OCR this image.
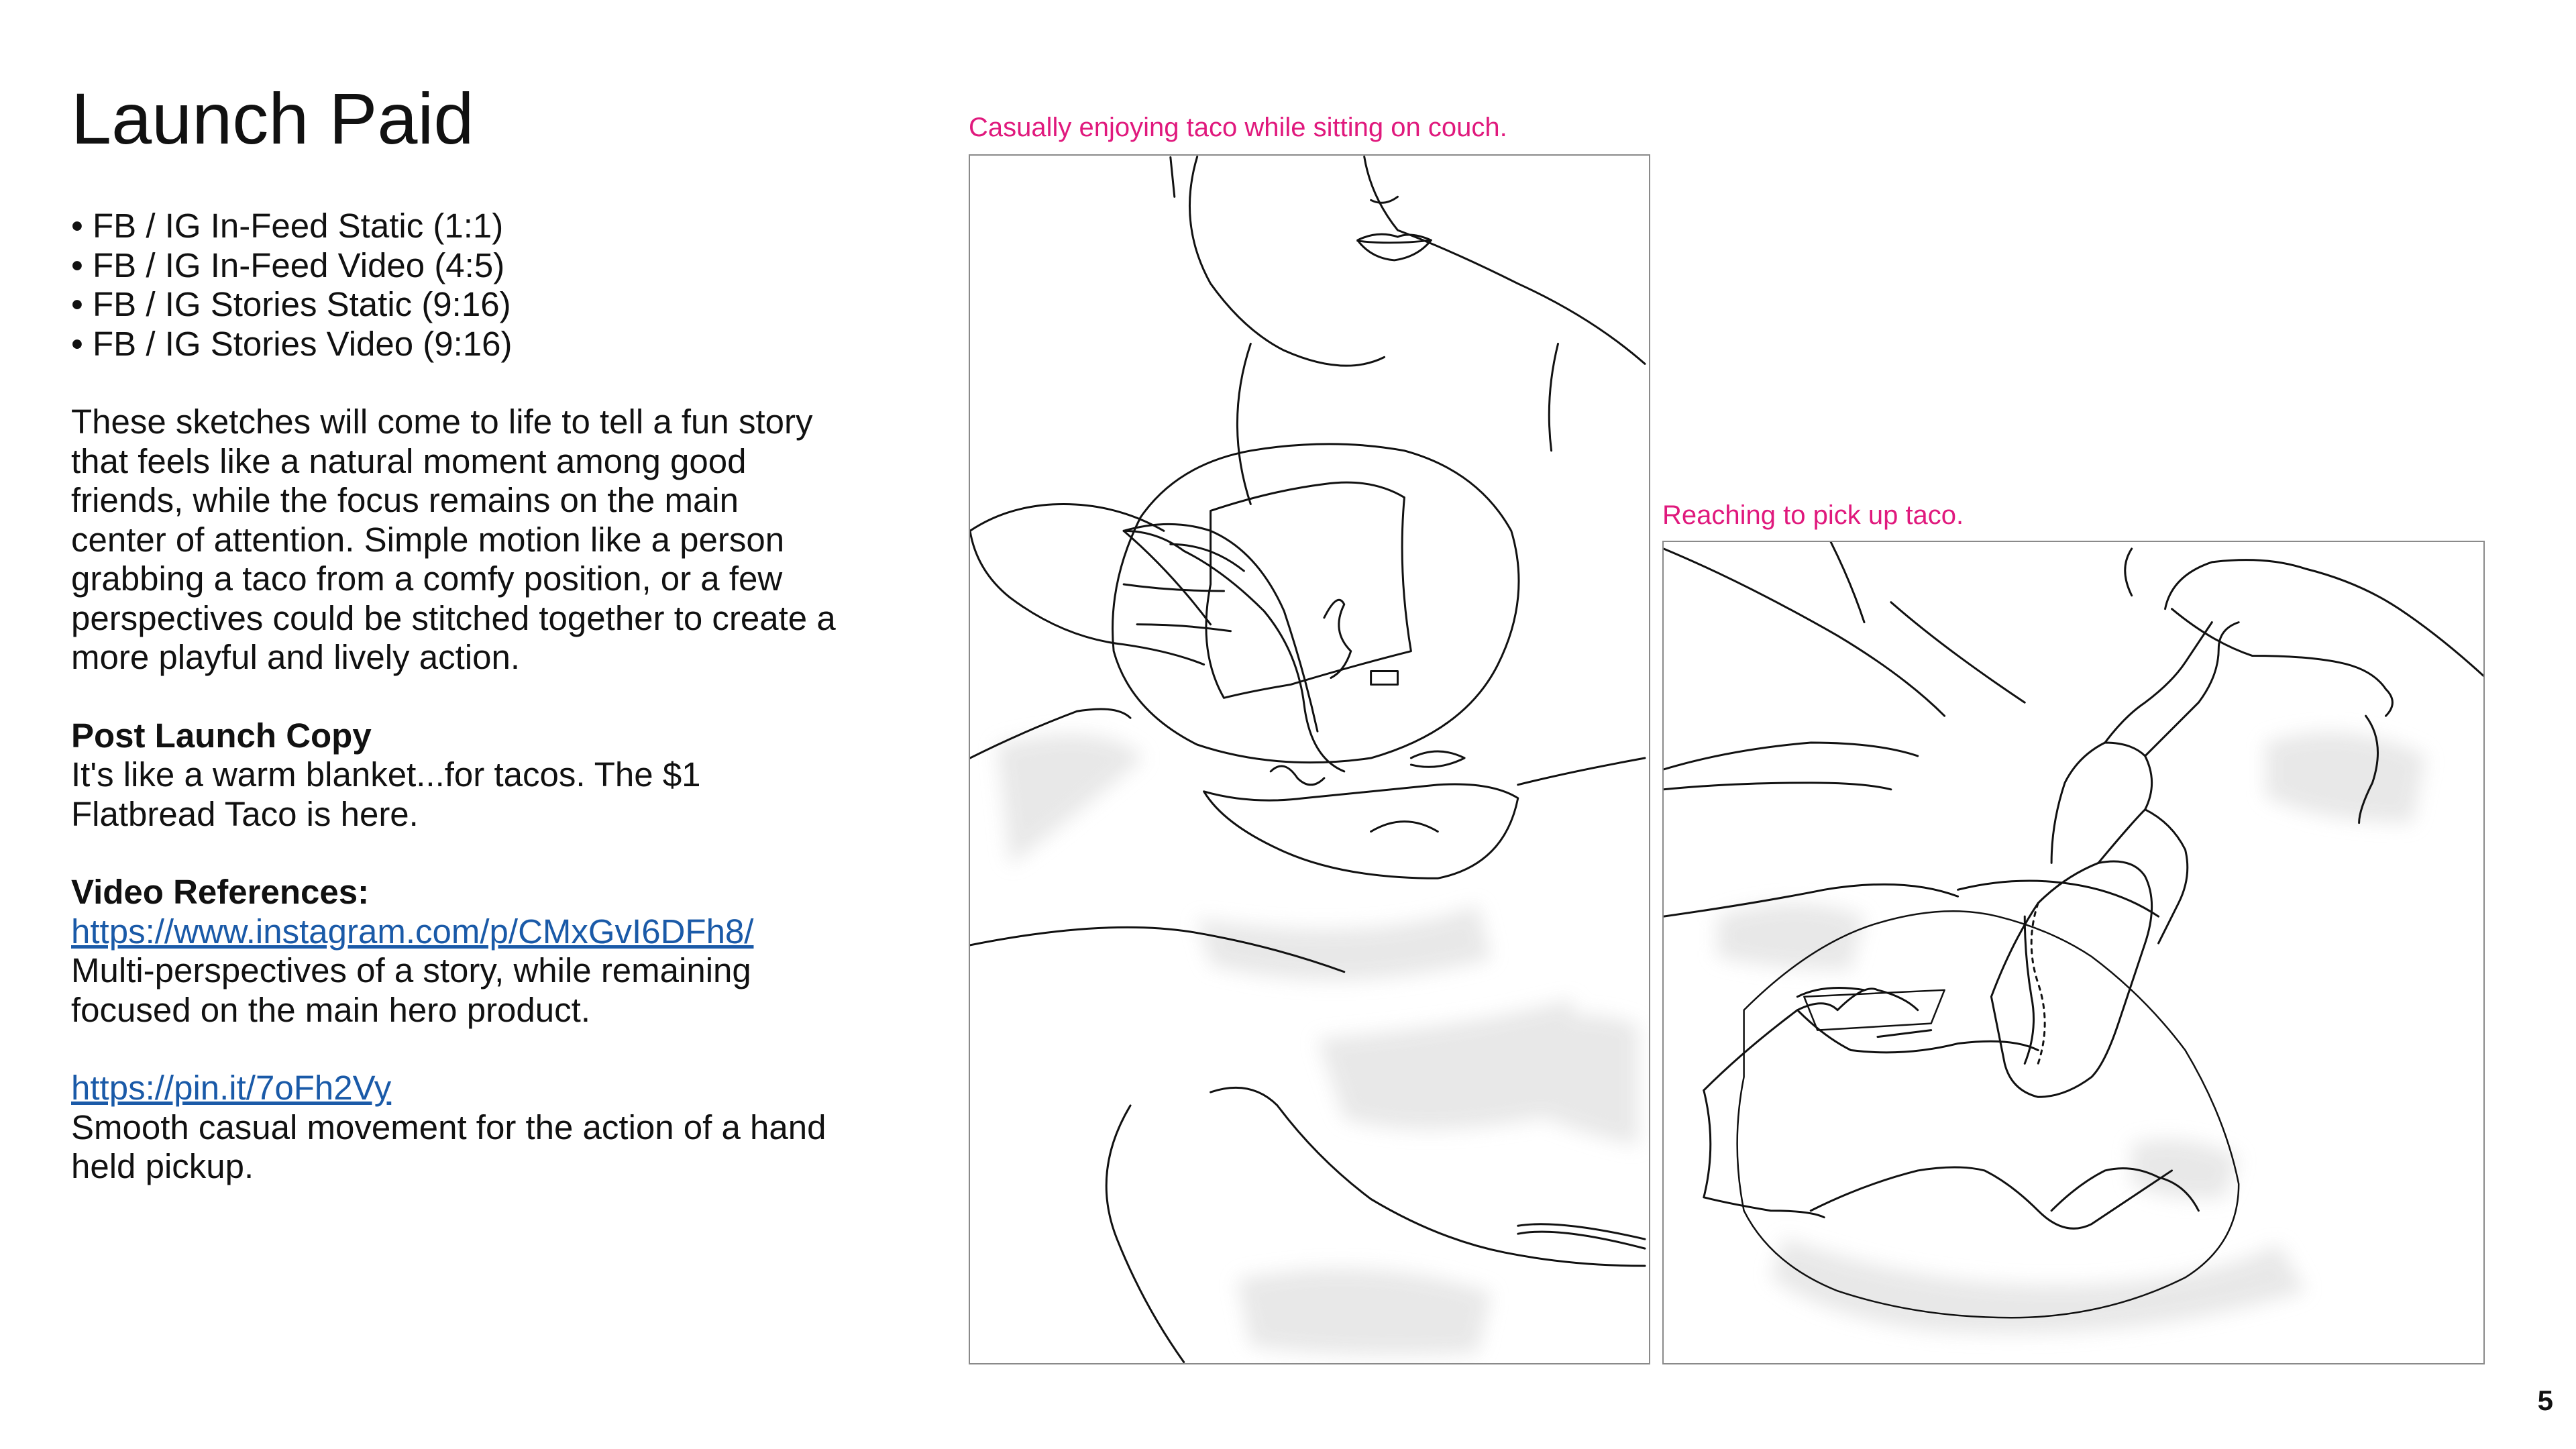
Launch Paid
• FB / IG In-Feed Static (1:1)
• FB / IG In-Feed Video (4:5)
• FB / IG Stories Static (9:16)
• FB / IG Stories Video (9:16)

These sketches will come to life to tell a fun story that feels like a natural moment among good friends, while the focus remains on the main center of attention. Simple motion like a person grabbing a taco from a comfy position, or a few perspectives could be stitched together to create a more playful and lively action.

Post Launch Copy
It's like a warm blanket...for tacos. The $1 Flatbread Taco is here.
Video References:
https://www.instagram.com/p/CMxGvI6DFh8/
Multi-perspectives of a story, while remaining focused on the main hero product.
https://pin.it/7oFh2Vy
Smooth casual movement for the action of a hand held pickup.
Casually enjoying taco while sitting on couch.
Reaching to pick up taco.
5
